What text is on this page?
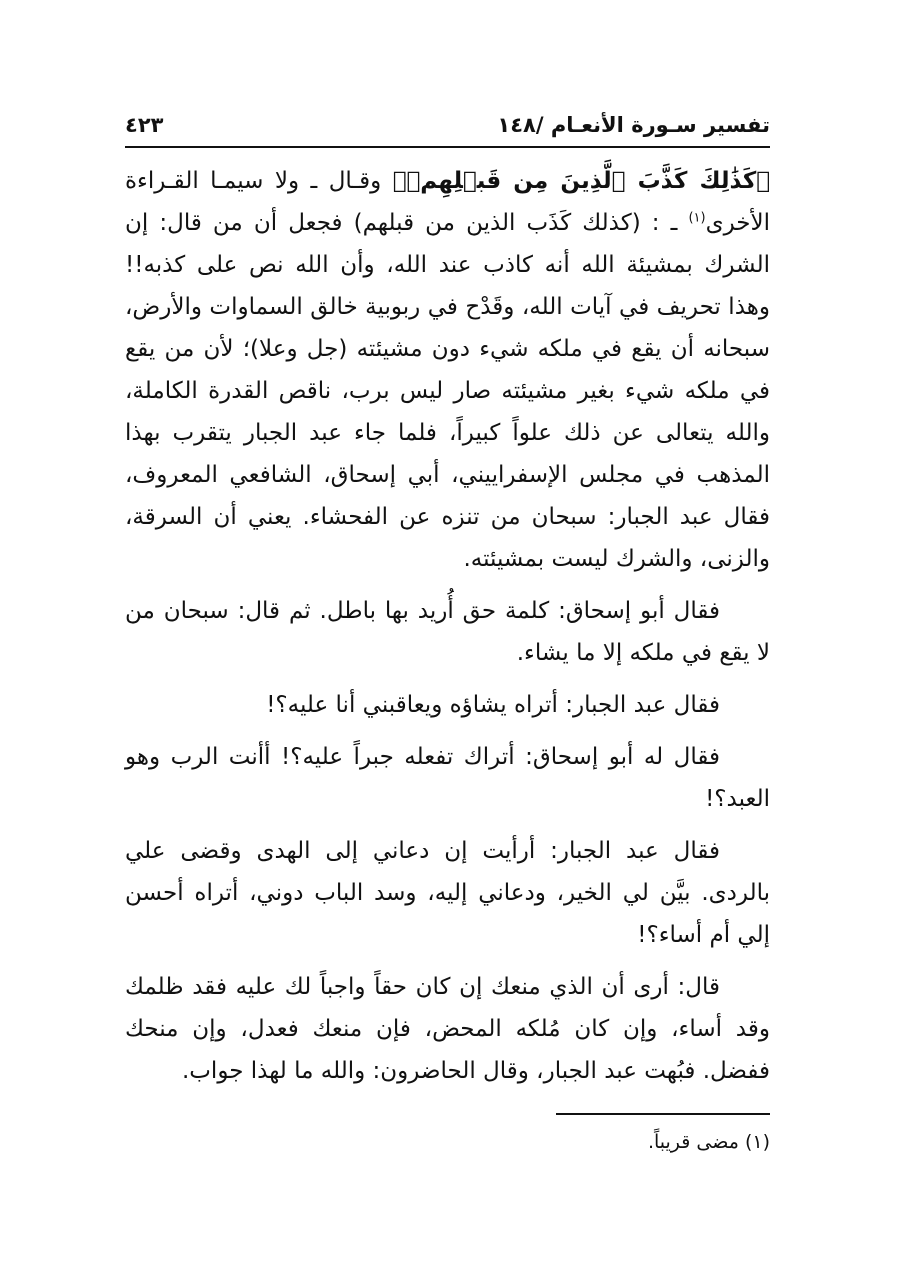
تفسير سـورة الأنعـام /١٤٨
٤٢٣

﴿كَذَٰلِكَ كَذَّبَ ٱلَّذِينَ مِن قَبۡلِهِمۡ﴾ وقـال ـ ولا سيمـا القـراءة الأخرى$^{(١)}$ ـ : (كذلك كَذَب الذين من قبلهم) فجعل أن من قال: إن الشرك بمشيئة الله أنه كاذب عند الله، وأن الله نص على كذبه!! وهذا تحريف في آيات الله، وقَدْح في ربوبية خالق السماوات والأرض، سبحانه أن يقع في ملكه شيء دون مشيئته (جل وعلا)؛ لأن من يقع في ملكه شيء بغير مشيئته صار ليس برب، ناقص القدرة الكاملة، والله يتعالى عن ذلك علواً كبيراً، فلما جاء عبد الجبار يتقرب بهذا المذهب في مجلس الإسفراييني، أبي إسحاق، الشافعي المعروف، فقال عبد الجبار: سبحان من تنزه عن الفحشاء. يعني أن السرقة، والزنى، والشرك ليست بمشيئته.

فقال أبو إسحاق: كلمة حق أُريد بها باطل. ثم قال: سبحان من لا يقع في ملكه إلا ما يشاء.

فقال عبد الجبار: أتراه يشاؤه ويعاقبني أنا عليه؟!

فقال له أبو إسحاق: أتراك تفعله جبراً عليه؟! أأنت الرب وهو العبد؟!

فقال عبد الجبار: أرأيت إن دعاني إلى الهدى وقضى علي بالردى. بيَّن لي الخير، ودعاني إليه، وسد الباب دوني، أتراه أحسن إلي أم أساء؟!

قال: أرى أن الذي منعك إن كان حقاً واجباً لك عليه فقد ظلمك وقد أساء، وإن كان مُلكه المحض، فإن منعك فعدل، وإن منحك ففضل. فبُهت عبد الجبار، وقال الحاضرون: والله ما لهذا جواب.

(١) مضى قريباً.
